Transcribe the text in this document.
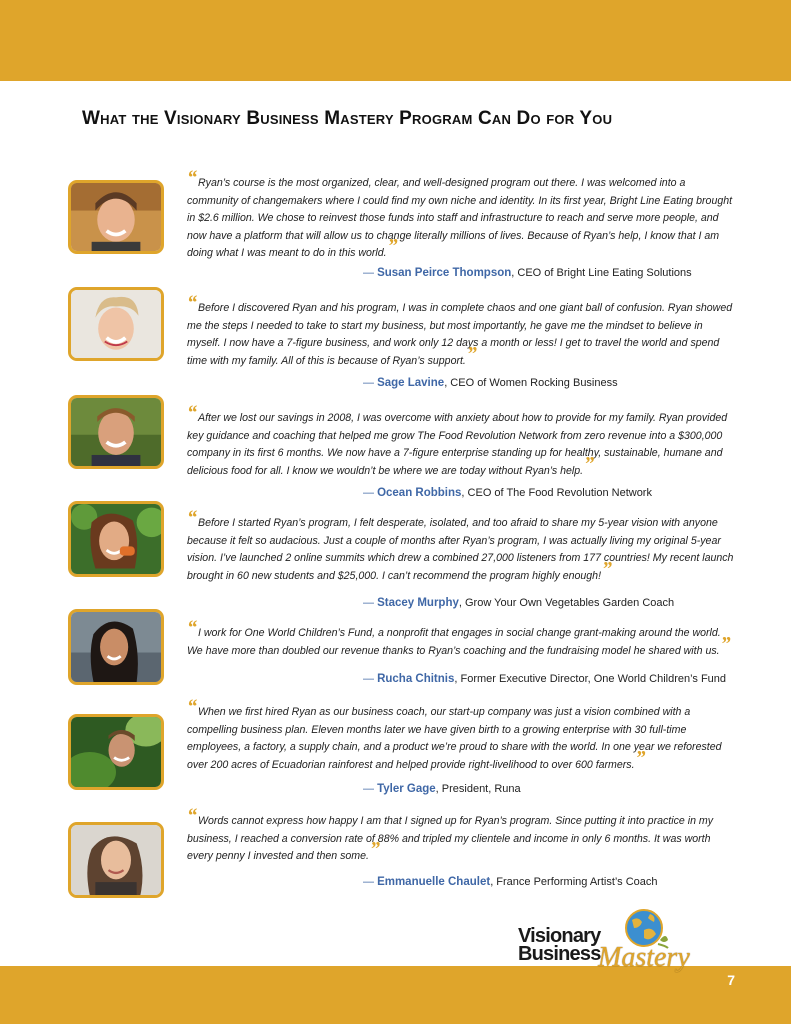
What the Visionary Business Mastery Program Can Do for You

“Ryan’s course is the most organized, clear, and well-designed program out there. I was welcomed into a community of changemakers where I could find my own niche and identity. In its first year, Bright Line Eating brought in $2.6 million. We chose to reinvest those funds into staff and infrastructure to reach and serve more people, and now have a platform that will allow us to change literally millions of lives. Because of Ryan’s help, I know that I am doing what I was meant to do in this world.”

— Susan Peirce Thompson, CEO of Bright Line Eating Solutions

“Before I discovered Ryan and his program, I was in complete chaos and one giant ball of confusion. Ryan showed me the steps I needed to take to start my business, but most importantly, he gave me the mindset to believe in myself. I now have a 7-figure business, and work only 12 days a month or less! I get to travel the world and spend time with my family. All of this is because of Ryan’s support.”

— Sage Lavine, CEO of Women Rocking Business

“After we lost our savings in 2008, I was overcome with anxiety about how to provide for my family. Ryan provided key guidance and coaching that helped me grow The Food Revolution Network from zero revenue into a $300,000 company in its first 6 months. We now have a 7-figure enterprise standing up for healthy, sustainable, humane and delicious food for all. I know we wouldn’t be where we are today without Ryan’s help.”

— Ocean Robbins, CEO of The Food Revolution Network

“Before I started Ryan’s program, I felt desperate, isolated, and too afraid to share my 5-year vision with anyone because it felt so audacious. Just a couple of months after Ryan’s program, I was actually living my original 5-year vision. I’ve launched 2 online summits which drew a combined 27,000 listeners from 177 countries! My recent launch brought in 60 new students and $25,000. I can’t recommend the program highly enough!”

— Stacey Murphy, Grow Your Own Vegetables Garden Coach

“I work for One World Children’s Fund, a nonprofit that engages in social change grant-making around the world. We have more than doubled our revenue thanks to Ryan’s coaching and the fundraising model he shared with us.”

— Rucha Chitnis, Former Executive Director, One World Children’s Fund

“When we first hired Ryan as our business coach, our start-up company was just a vision combined with a compelling business plan. Eleven months later we have given birth to a growing enterprise with 30 full-time employees, a factory, a supply chain, and a product we’re proud to share with the world. In one year we reforested over 200 acres of Ecuadorian rainforest and helped provide right-livelihood to over 600 farmers.”

— Tyler Gage, President, Runa

“Words cannot express how happy I am that I signed up for Ryan’s program. Since putting it into practice in my business, I reached a conversion rate of 88% and tripled my clientele and income in only 6 months. It was worth every penny I invested and then some.”

— Emmanuelle Chaulet, France Performing Artist’s Coach

7
Visionary
Business
Mastery
